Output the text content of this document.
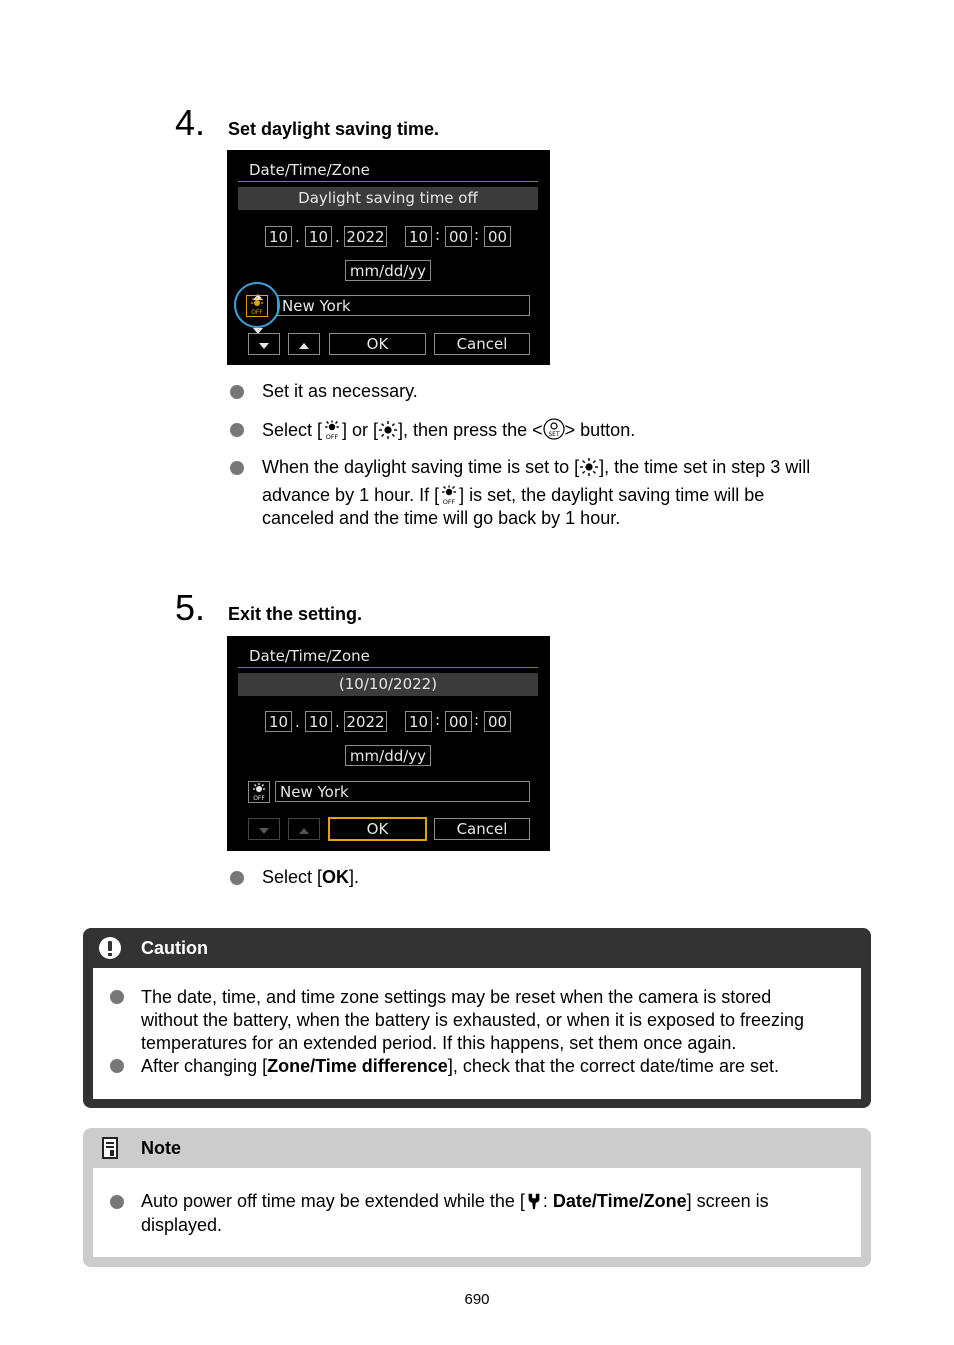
4. Set daylight saving time.
Date/Time/Zone
Daylight saving time off
10 . 10 . 2022 10 : 00 : 00
mm/dd/yy
OFF	New York
OK	Cancel
Set it as necessary.
Select [ OFF ] or [ ], then press the < SET > button.
When the daylight saving time is set to [ ], the time set in step 3 will
advance by 1 hour. If [ OFF ] is set, the daylight saving time will be
canceled and the time will go back by 1 hour.
5. Exit the setting.
Date/Time/Zone
(10/10/2022)
10 . 10 . 2022 10 : 00 : 00
mm/dd/yy
OFF	New York
OK	Cancel
Select [OK].
Caution
The date, time, and time zone settings may be reset when the camera is stored
without the battery, when the battery is exhausted, or when it is exposed to freezing
temperatures for an extended period. If this happens, set them once again.
After changing [Zone/Time difference], check that the correct date/time are set.
Note
Auto power off time may be extended while the [ : Date/Time/Zone] screen is
displayed.
690
